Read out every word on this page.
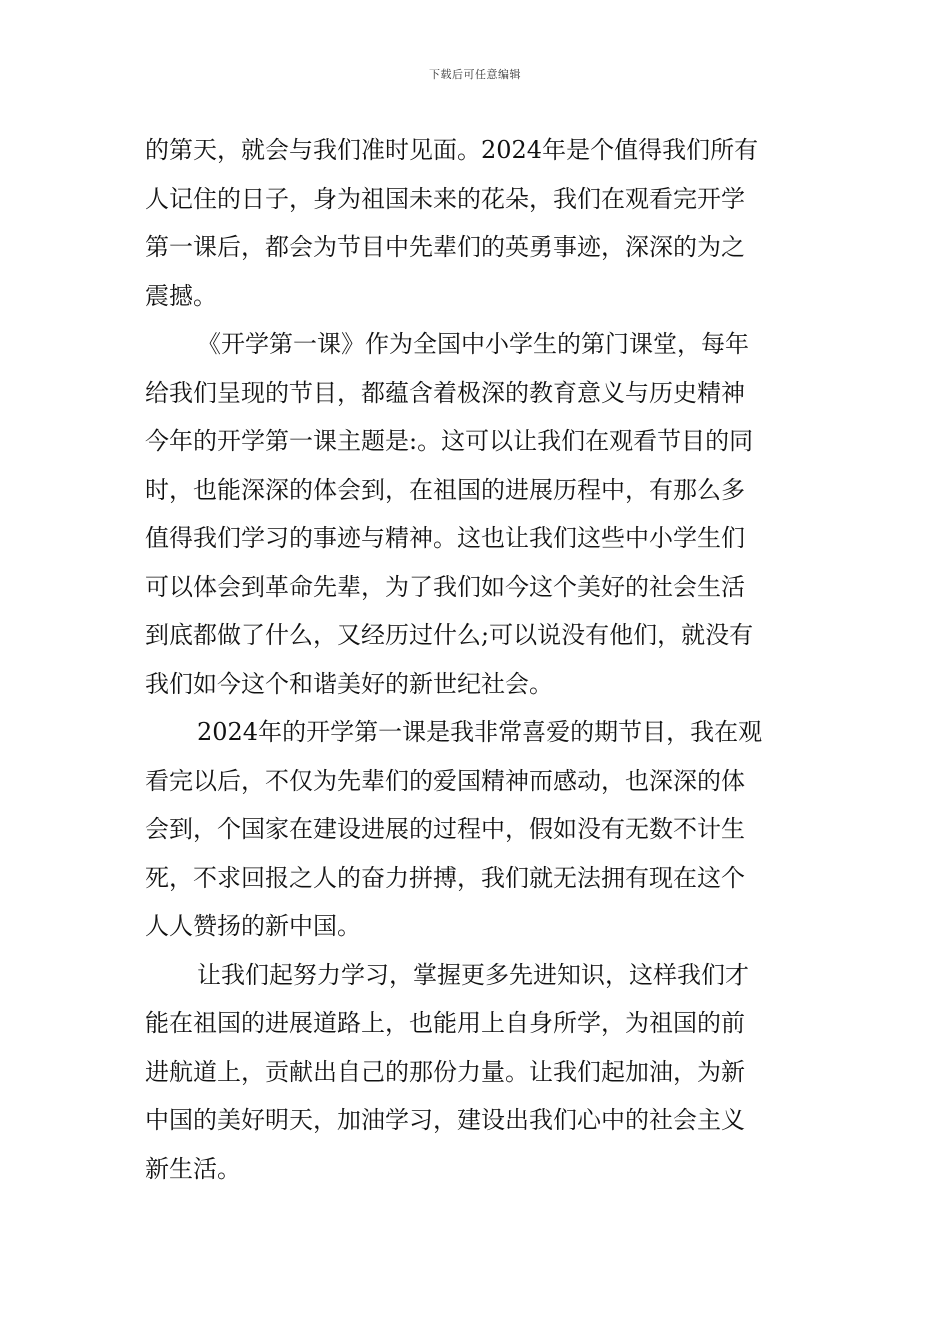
下载后可任意编辑
的第天，就会与我们准时见面。2024年是个值得我们所有
人记住的日子，身为祖国未来的花朵，我们在观看完开学
第一课后，都会为节目中先辈们的英勇事迹，深深的为之
震撼。
《开学第一课》作为全国中小学生的第门课堂，每年
给我们呈现的节目，都蕴含着极深的教育意义与历史精神
今年的开学第一课主题是:。这可以让我们在观看节目的同
时，也能深深的体会到，在祖国的进展历程中，有那么多
值得我们学习的事迹与精神。这也让我们这些中小学生们
可以体会到革命先辈，为了我们如今这个美好的社会生活
到底都做了什么，又经历过什么;可以说没有他们，就没有
我们如今这个和谐美好的新世纪社会。
2024年的开学第一课是我非常喜爱的期节目，我在观
看完以后，不仅为先辈们的爱国精神而感动，也深深的体
会到，个国家在建设进展的过程中，假如没有无数不计生
死，不求回报之人的奋力拼搏，我们就无法拥有现在这个
人人赞扬的新中国。
让我们起努力学习，掌握更多先进知识，这样我们才
能在祖国的进展道路上，也能用上自身所学，为祖国的前
进航道上，贡献出自己的那份力量。让我们起加油，为新
中国的美好明天，加油学习，建设出我们心中的社会主义
新生活。
